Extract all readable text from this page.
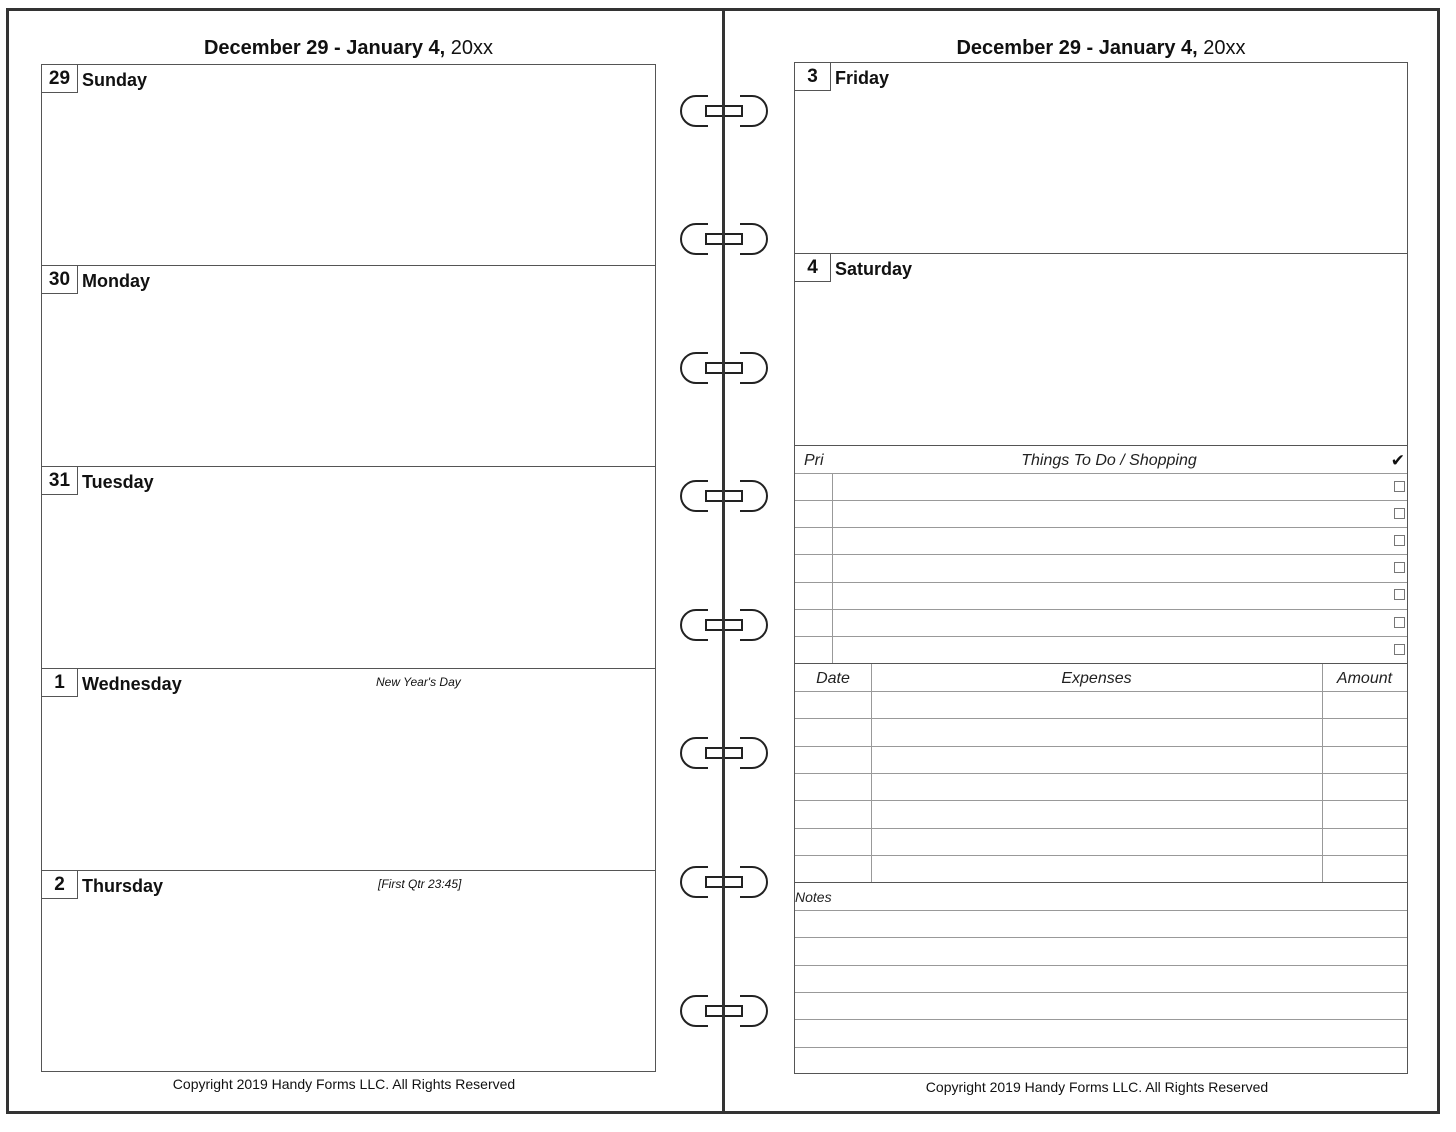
December 29 - January 4, 20xx
29 Sunday
30 Monday
31 Tuesday
1 Wednesday	New Year's Day
2 Thursday	[First Qtr 23:45]
Copyright 2019 Handy Forms LLC. All Rights Reserved
December 29 - January 4, 20xx
3 Friday
4 Saturday
Pri	Things To Do / Shopping	✔
Date	Expenses	Amount
Notes
Copyright 2019 Handy Forms LLC. All Rights Reserved
